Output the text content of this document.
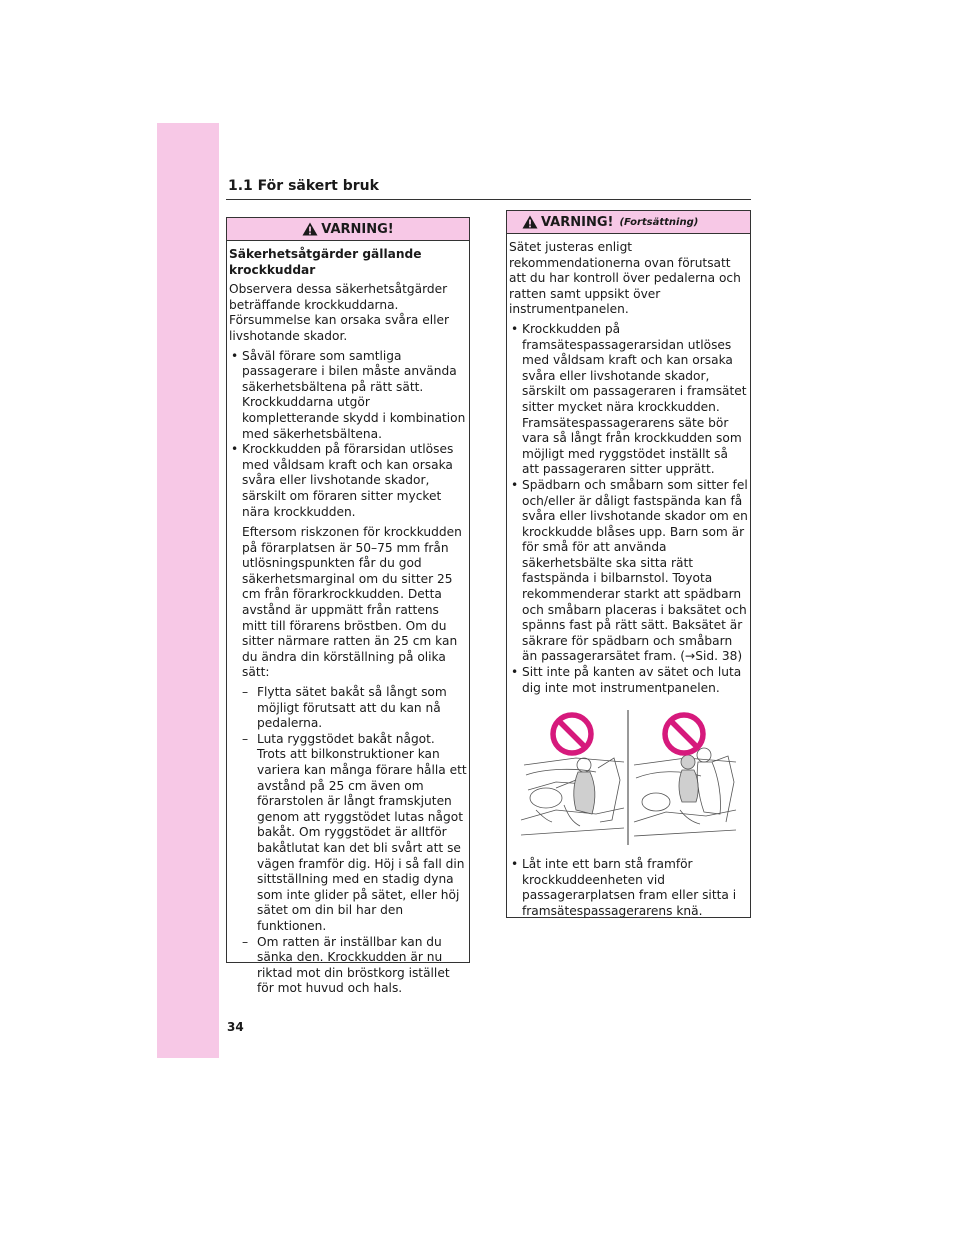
1.1 För säkert bruk
VARNING!

Säkerhetsåtgärder gällande krockkuddar

Observera dessa säkerhetsåtgärder beträffande krockkuddarna. Försummelse kan orsaka svåra eller livshotande skador.

• Såväl förare som samtliga passagerare i bilen måste använda säkerhetsbältena på rätt sätt. Krockkuddarna utgör kompletterande skydd i kombination med säkerhetsbältena.
• Krockkudden på förarsidan utlöses med våldsam kraft och kan orsaka svåra eller livshotande skador, särskilt om föraren sitter mycket nära krockkudden.

Eftersom riskzonen för krockkudden på förarplatsen är 50–75 mm från utlösningspunkten får du god säkerhetsmarginal om du sitter 25 cm från förarkrockkudden. Detta avstånd är uppmätt från rattens mitt till förarens bröstben. Om du sitter närmare ratten än 25 cm kan du ändra din körställning på olika sätt:

– Flytta sätet bakåt så långt som möjligt förutsatt att du kan nå pedalerna.
– Luta ryggstödet bakåt något. Trots att bilkonstruktioner kan variera kan många förare hålla ett avstånd på 25 cm även om förarstolen är långt framskjuten genom att ryggstödet lutas något bakåt. Om ryggstödet är alltför bakåtlutat kan det bli svårt att se vägen framför dig. Höj i så fall din sittställning med en stadig dyna som inte glider på sätet, eller höj sätet om din bil har den funktionen.
– Om ratten är inställbar kan du sänka den. Krockkudden är nu riktad mot din bröstkorg istället för mot huvud och hals.
VARNING! (Fortsättning)

Sätet justeras enligt rekommendationerna ovan förutsatt att du har kontroll över pedalerna och ratten samt uppsikt över instrumentpanelen.

• Krockkudden på framsätespassagerarsidan utlöses med våldsam kraft och kan orsaka svåra eller livshotande skador, särskilt om passageraren i framsätet sitter mycket nära krockkudden. Framsätespassagerarens säte bör vara så långt från krockkudden som möjligt med ryggstödet inställt så att passageraren sitter upprätt.
• Spädbarn och småbarn som sitter fel och/eller är dåligt fastspända kan få svåra eller livshotande skador om en krockkudde blåses upp. Barn som är för små för att använda säkerhetsbälte ska sitta rätt fastspända i bilbarnstol. Toyota rekommenderar starkt att spädbarn och småbarn placeras i baksätet och spänns fast på rätt sätt. Baksätet är säkrare för spädbarn och småbarn än passagerarsätet fram. (→Sid. 38)
• Sitt inte på kanten av sätet och luta dig inte mot instrumentpanelen.
• Låt inte ett barn stå framför krockkuddeenheten vid passagerarplatsen fram eller sitta i framsätespassagerarens knä.
34
